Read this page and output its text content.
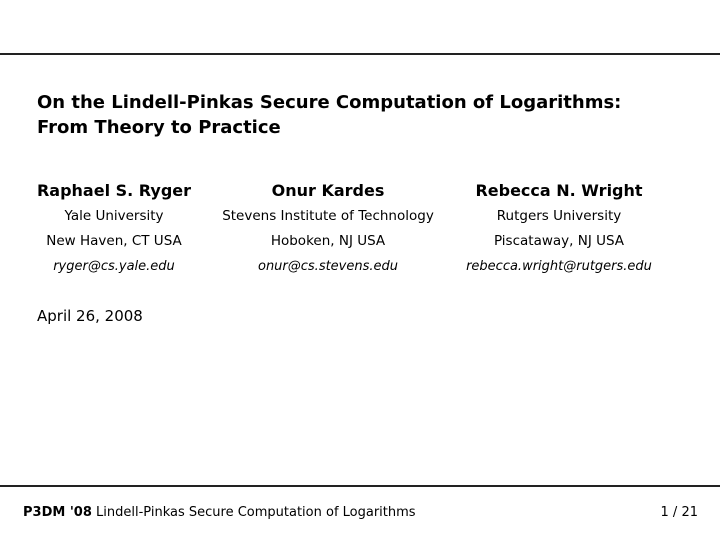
On the Lindell-Pinkas Secure Computation of Logarithms:
From Theory to Practice
Raphael S. Ryger
Yale University
New Haven, CT USA
ryger@cs.yale.edu
Onur Kardes
Stevens Institute of Technology
Hoboken, NJ USA
onur@cs.stevens.edu
Rebecca N. Wright
Rutgers University
Piscataway, NJ USA
rebecca.wright@rutgers.edu
April 26, 2008
P3DM '08 Lindell-Pinkas Secure Computation of Logarithms	1 / 21
